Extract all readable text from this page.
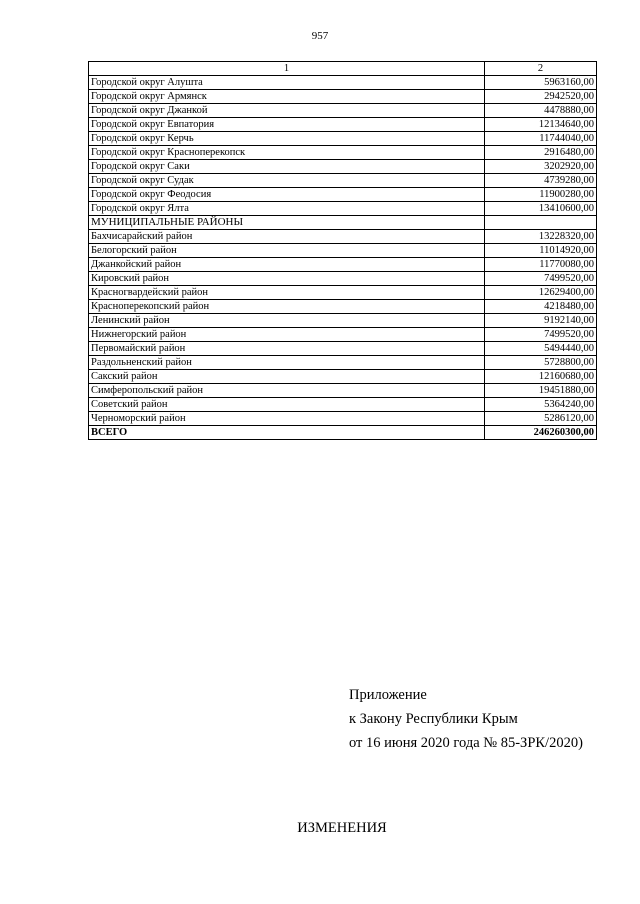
957
1	2
Городской округ Алушта	5963160,00
Городской округ Армянск	2942520,00
Городской округ Джанкой	4478880,00
Городской округ Евпатория	12134640,00
Городской округ Керчь	11744040,00
Городской округ Красноперекопск	2916480,00
Городской округ Саки	3202920,00
Городской округ Судак	4739280,00
Городской округ Феодосия	11900280,00
Городской округ Ялта	13410600,00
МУНИЦИПАЛЬНЫЕ РАЙОНЫ	
Бахчисарайский район	13228320,00
Белогорский район	11014920,00
Джанкойский район	11770080,00
Кировский район	7499520,00
Красногвардейский район	12629400,00
Красноперекопский район	4218480,00
Ленинский район	9192140,00
Нижнегорский район	7499520,00
Первомайский район	5494440,00
Раздольненский район	5728800,00
Сакский район	12160680,00
Симферопольский район	19451880,00
Советский район	5364240,00
Черноморский район	5286120,00
ВСЕГО	246260300,00
Приложение
к Закону Республики Крым
от 16 июня 2020 года № 85-ЗРК/2020)
ИЗМЕНЕНИЯ
